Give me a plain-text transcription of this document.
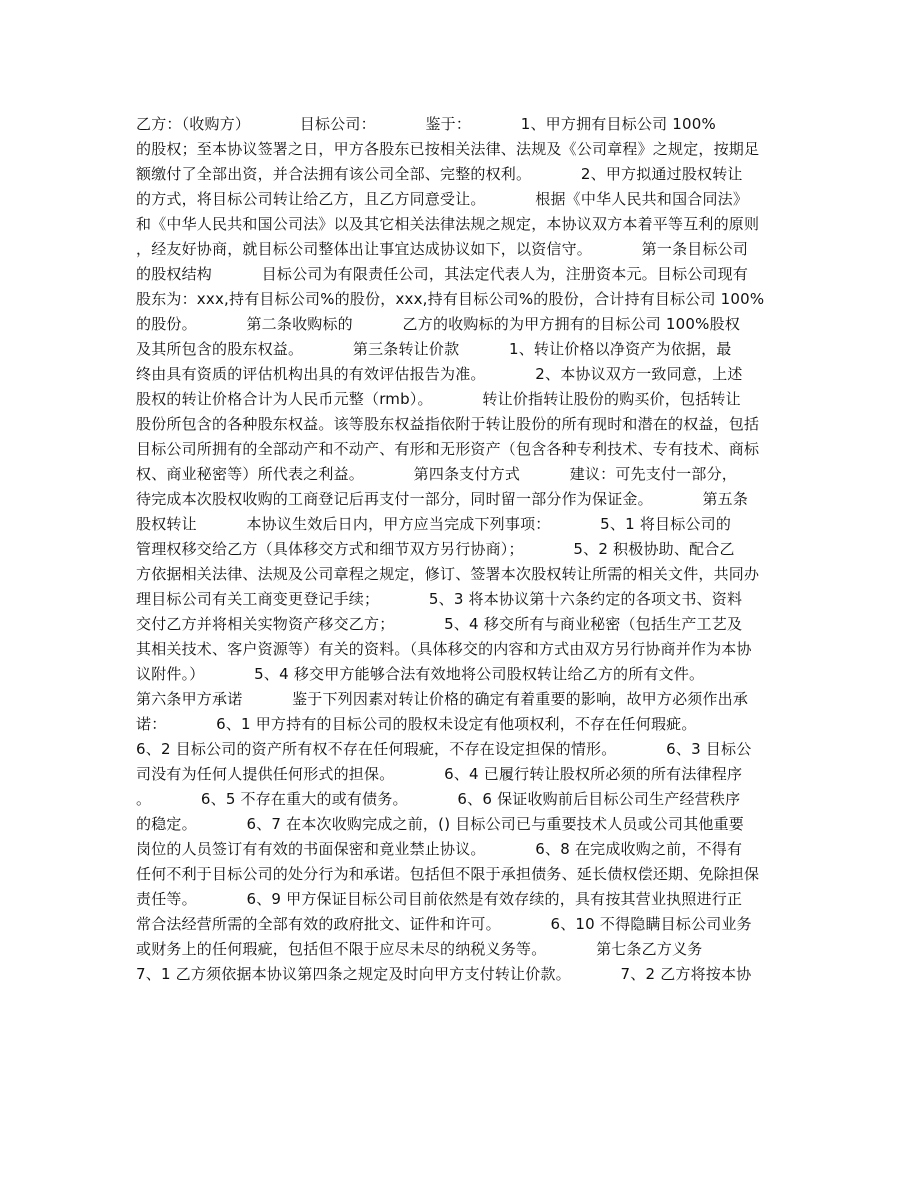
乙方：（收购方）          目标公司：          鉴于：          1、甲方拥有目标公司 100%
的股权；至本协议签署之日，甲方各股东已按相关法律、法规及《公司章程》之规定，按期足
额缴付了全部出资，并合法拥有该公司全部、完整的权利。          2、甲方拟通过股权转让
的方式，将目标公司转让给乙方，且乙方同意受让。          根据《中华人民共和国合同法》
和《中华人民共和国公司法》以及其它相关法律法规之规定，本协议双方本着平等互利的原则
，经友好协商，就目标公司整体出让事宜达成协议如下，以资信守。          第一条目标公司
的股权结构          目标公司为有限责任公司，其法定代表人为，注册资本元。目标公司现有
股东为：xxx,持有目标公司%的股份，xxx,持有目标公司%的股份，合计持有目标公司 100%
的股份。          第二条收购标的          乙方的收购标的为甲方拥有的目标公司 100%股权
及其所包含的股东权益。          第三条转让价款          1、转让价格以净资产为依据，最
终由具有资质的评估机构出具的有效评估报告为准。          2、本协议双方一致同意，上述
股权的转让价格合计为人民币元整（rmb）。          转让价指转让股份的购买价，包括转让
股份所包含的各种股东权益。该等股东权益指依附于转让股份的所有现时和潜在的权益，包括
目标公司所拥有的全部动产和不动产、有形和无形资产（包含各种专利技术、专有技术、商标
权、商业秘密等）所代表之利益。          第四条支付方式          建议：可先支付一部分，
待完成本次股权收购的工商登记后再支付一部分，同时留一部分作为保证金。          第五条
股权转让          本协议生效后日内，甲方应当完成下列事项：          5、1 将目标公司的
管理权移交给乙方（具体移交方式和细节双方另行协商）；          5、2 积极协助、配合乙
方依据相关法律、法规及公司章程之规定，修订、签署本次股权转让所需的相关文件，共同办
理目标公司有关工商变更登记手续；          5、3 将本协议第十六条约定的各项文书、资料
交付乙方并将相关实物资产移交乙方；          5、4 移交所有与商业秘密（包括生产工艺及
其相关技术、客户资源等）有关的资料。（具体移交的内容和方式由双方另行协商并作为本协
议附件。）          5、4 移交甲方能够合法有效地将公司股权转让给乙方的所有文件。
第六条甲方承诺          鉴于下列因素对转让价格的确定有着重要的影响，故甲方必须作出承
诺：          6、1 甲方持有的目标公司的股权未设定有他项权利，不存在任何瑕疵。
6、2 目标公司的资产所有权不存在任何瑕疵，不存在设定担保的情形。          6、3 目标公
司没有为任何人提供任何形式的担保。          6、4 已履行转让股权所必须的所有法律程序
。          6、5 不存在重大的或有债务。          6、6 保证收购前后目标公司生产经营秩序
的稳定。          6、7 在本次收购完成之前，() 目标公司已与重要技术人员或公司其他重要
岗位的人员签订有有效的书面保密和竟业禁止协议。          6、8 在完成收购之前，不得有
任何不利于目标公司的处分行为和承诺。包括但不限于承担债务、延长债权偿还期、免除担保
责任等。          6、9 甲方保证目标公司目前依然是有效存续的，具有按其营业执照进行正
常合法经营所需的全部有效的政府批文、证件和许可。          6、10 不得隐瞒目标公司业务
或财务上的任何瑕疵，包括但不限于应尽未尽的纳税义务等。          第七条乙方义务
7、1 乙方须依据本协议第四条之规定及时向甲方支付转让价款。          7、2 乙方将按本协
